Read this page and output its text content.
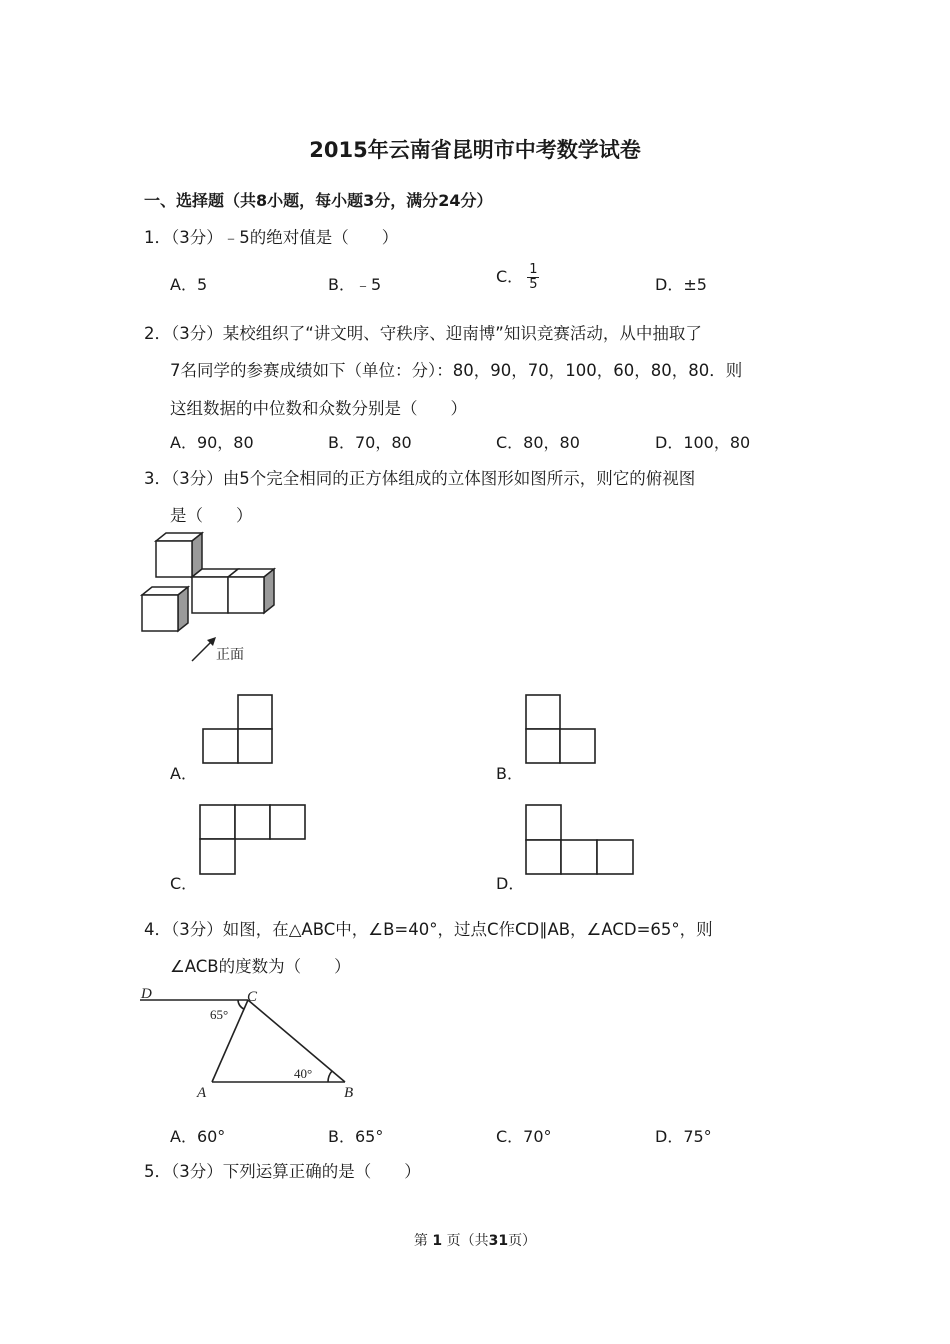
2015年云南省昆明市中考数学试卷
一、选择题（共8小题，每小题3分，满分24分）
1．（3分）﹣5的绝对值是（　　）
A．5	B．﹣5	C． $\frac{1}{5}$	D．±5
2．（3分）某校组织了“讲文明、守秩序、迎南博”知识竞赛活动，从中抽取了
7名同学的参赛成绩如下（单位：分）：80，90，70，100，60，80，80．则
这组数据的中位数和众数分别是（　　）
A．90，80	B．70，80	C．80，80	D．100，80
3．（3分）由5个完全相同的正方体组成的立体图形如图所示，则它的俯视图
是（　　）
正面
A．	B．
C．	D．
4．（3分）如图，在△ABC中，∠B=40°，过点C作CD∥AB，∠ACD=65°，则
∠ACB的度数为（　　）
D	C
A	B
65°
40°
A．60°	B．65°	C．70°	D．75°
5．（3分）下列运算正确的是（　　）
第 1 页（共31页）
